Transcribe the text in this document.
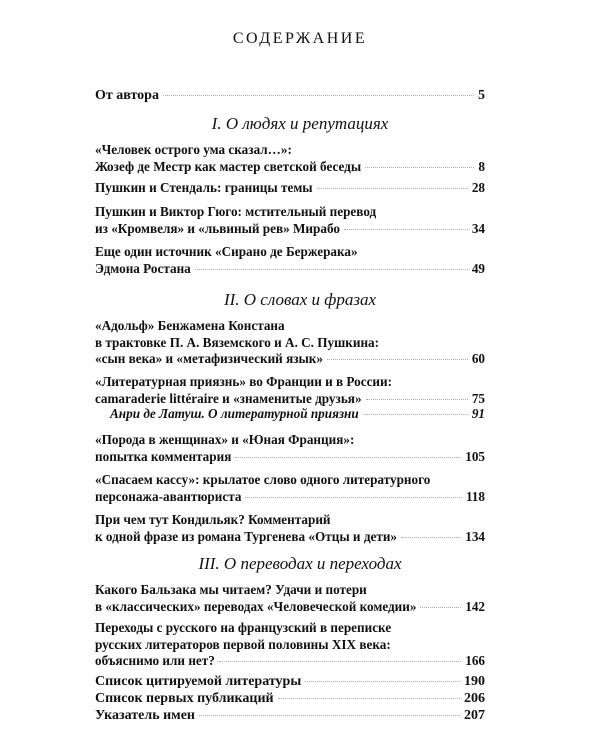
СОДЕРЖАНИЕ
От автора	5
I. О людях и репутациях
«Человек острого ума сказал…»:
Жозеф де Местр как мастер светской беседы	8
Пушкин и Стендаль: границы темы	28
Пушкин и Виктор Гюго: мстительный перевод
из «Кромвеля» и «львиный рев» Мирабо	34
Еще один источник «Сирано де Бержерака»
Эдмона Ростана	49
II. О словах и фразах
«Адольф» Бенжамена Констана
в трактовке П. А. Вяземского и А. С. Пушкина:
«сын века» и «метафизический язык»	60
«Литературная приязнь» во Франции и в России:
camaraderie littéraire и «знаменитые друзья»	75
Анри де Латуш. О литературной приязни	91
«Порода в женщинах» и «Юная Франция»:
попытка комментария	105
«Спасаем кассу»: крылатое слово одного литературного
персонажа-авантюриста	118
При чем тут Кондильяк? Комментарий
к одной фразе из романа Тургенева «Отцы и дети»	134
III. О переводах и переходах
Какого Бальзака мы читаем? Удачи и потери
в «классических» переводах «Человеческой комедии»	142
Переходы с русского на французский в переписке
русских литераторов первой половины XIX века:
объяснимо или нет?	166
Список цитируемой литературы	190
Список первых публикаций	206
Указатель имен	207
